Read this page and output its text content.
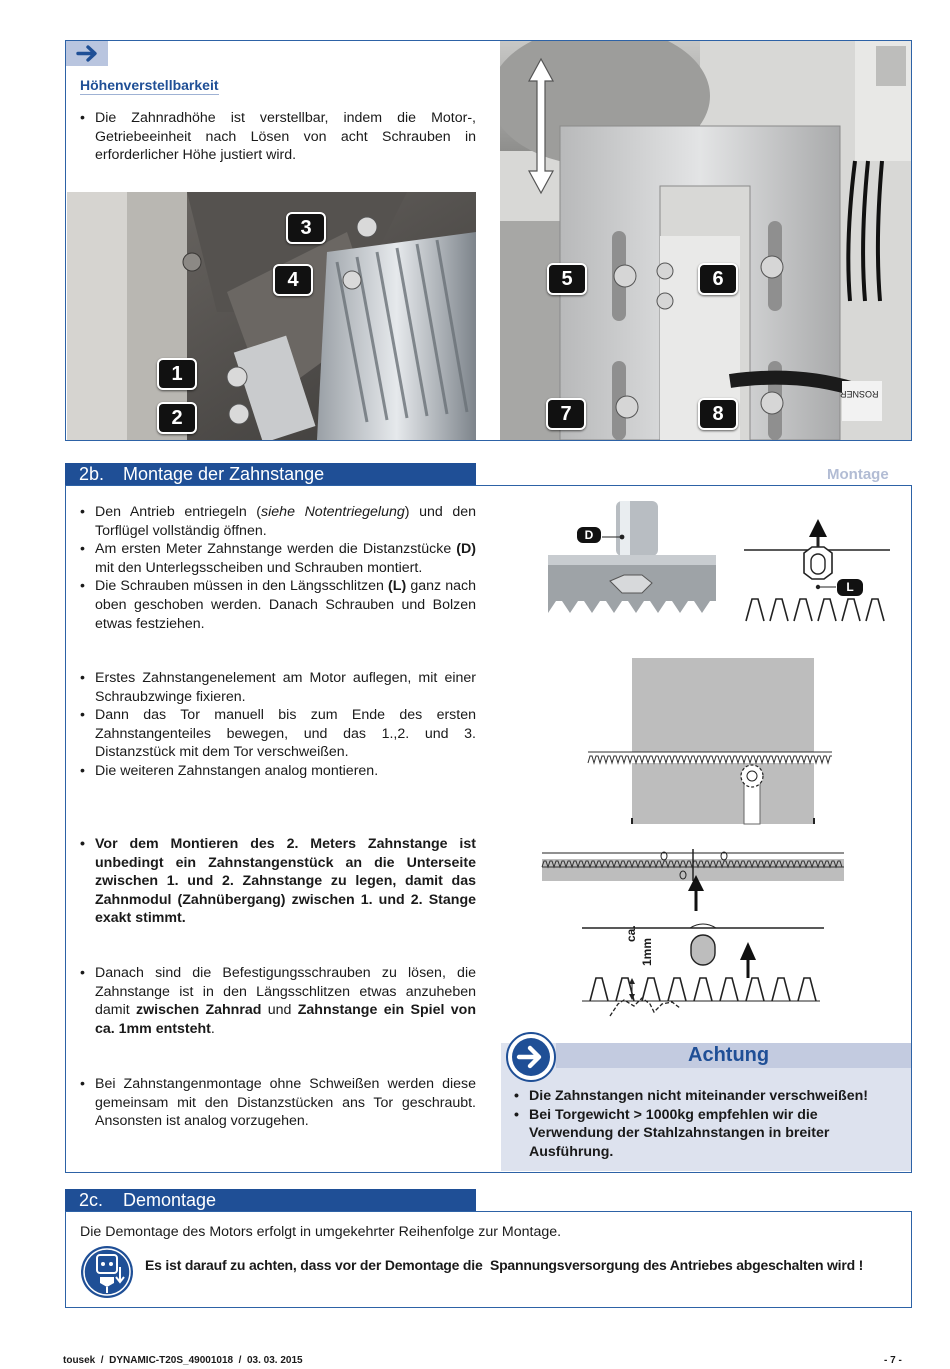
Höhenverstellbarkeit
• Die Zahnradhöhe ist verstellbar, indem die Motor-, Getriebeeinheit nach Lösen von acht Schrauben in erforderlicher Höhe justiert wird.
1
2
3
4
ROSNER
5	6
7	8
2b. Montage der Zahnstange	Montage
• Den Antrieb entriegeln (siehe Notentriegelung) und den Torflügel vollständig öffnen.
• Am ersten Meter Zahnstange werden die Distanzstücke (D) mit den Unterlegsscheiben und Schrauben montiert.
• Die Schrauben müssen in den Längsschlitzen (L) ganz nach oben geschoben werden. Danach Schrauben und Bolzen etwas festziehen.
• Erstes Zahnstangenelement am Motor auflegen, mit einer Schraubzwinge fixieren.
• Dann das Tor manuell bis zum Ende des ersten Zahnstangenteiles bewegen, und das 1.,2. und 3. Distanzstück mit dem Tor verschweißen.
• Die weiteren Zahnstangen analog montieren.
• Vor dem Montieren des 2. Meters Zahnstange ist unbedingt ein Zahnstangenstück an die Unterseite zwischen 1. und 2. Zahnstange zu legen, damit das Zahnmodul (Zahnübergang) zwischen 1. und 2. Stange exakt stimmt.
• Danach sind die Befestigungsschrauben zu lösen, die Zahnstange ist in den Längsschlitzen etwas anzuheben damit zwischen Zahnrad und Zahnstange ein Spiel von ca. 1mm entsteht.
• Bei Zahnstangenmontage ohne Schweißen werden diese gemeinsam mit den Distanzstücken ans Tor geschraubt. Ansonsten ist analog vorzugehen.
D
L
ca.
1mm
Achtung
• Die Zahnstangen nicht miteinander verschweißen!
• Bei Torgewicht > 1000kg empfehlen wir die Verwendung der Stahlzahnstangen in breiter Ausführung.
2c. Demontage
Die Demontage des Motors erfolgt in umgekehrter Reihenfolge zur Montage.
Es ist darauf zu achten, dass vor der Demontage die  Spannungsversorgung des Antriebes abgeschalten wird !
tousek  /  DYNAMIC-T20S_49001018  /  03. 03. 2015	- 7 -
